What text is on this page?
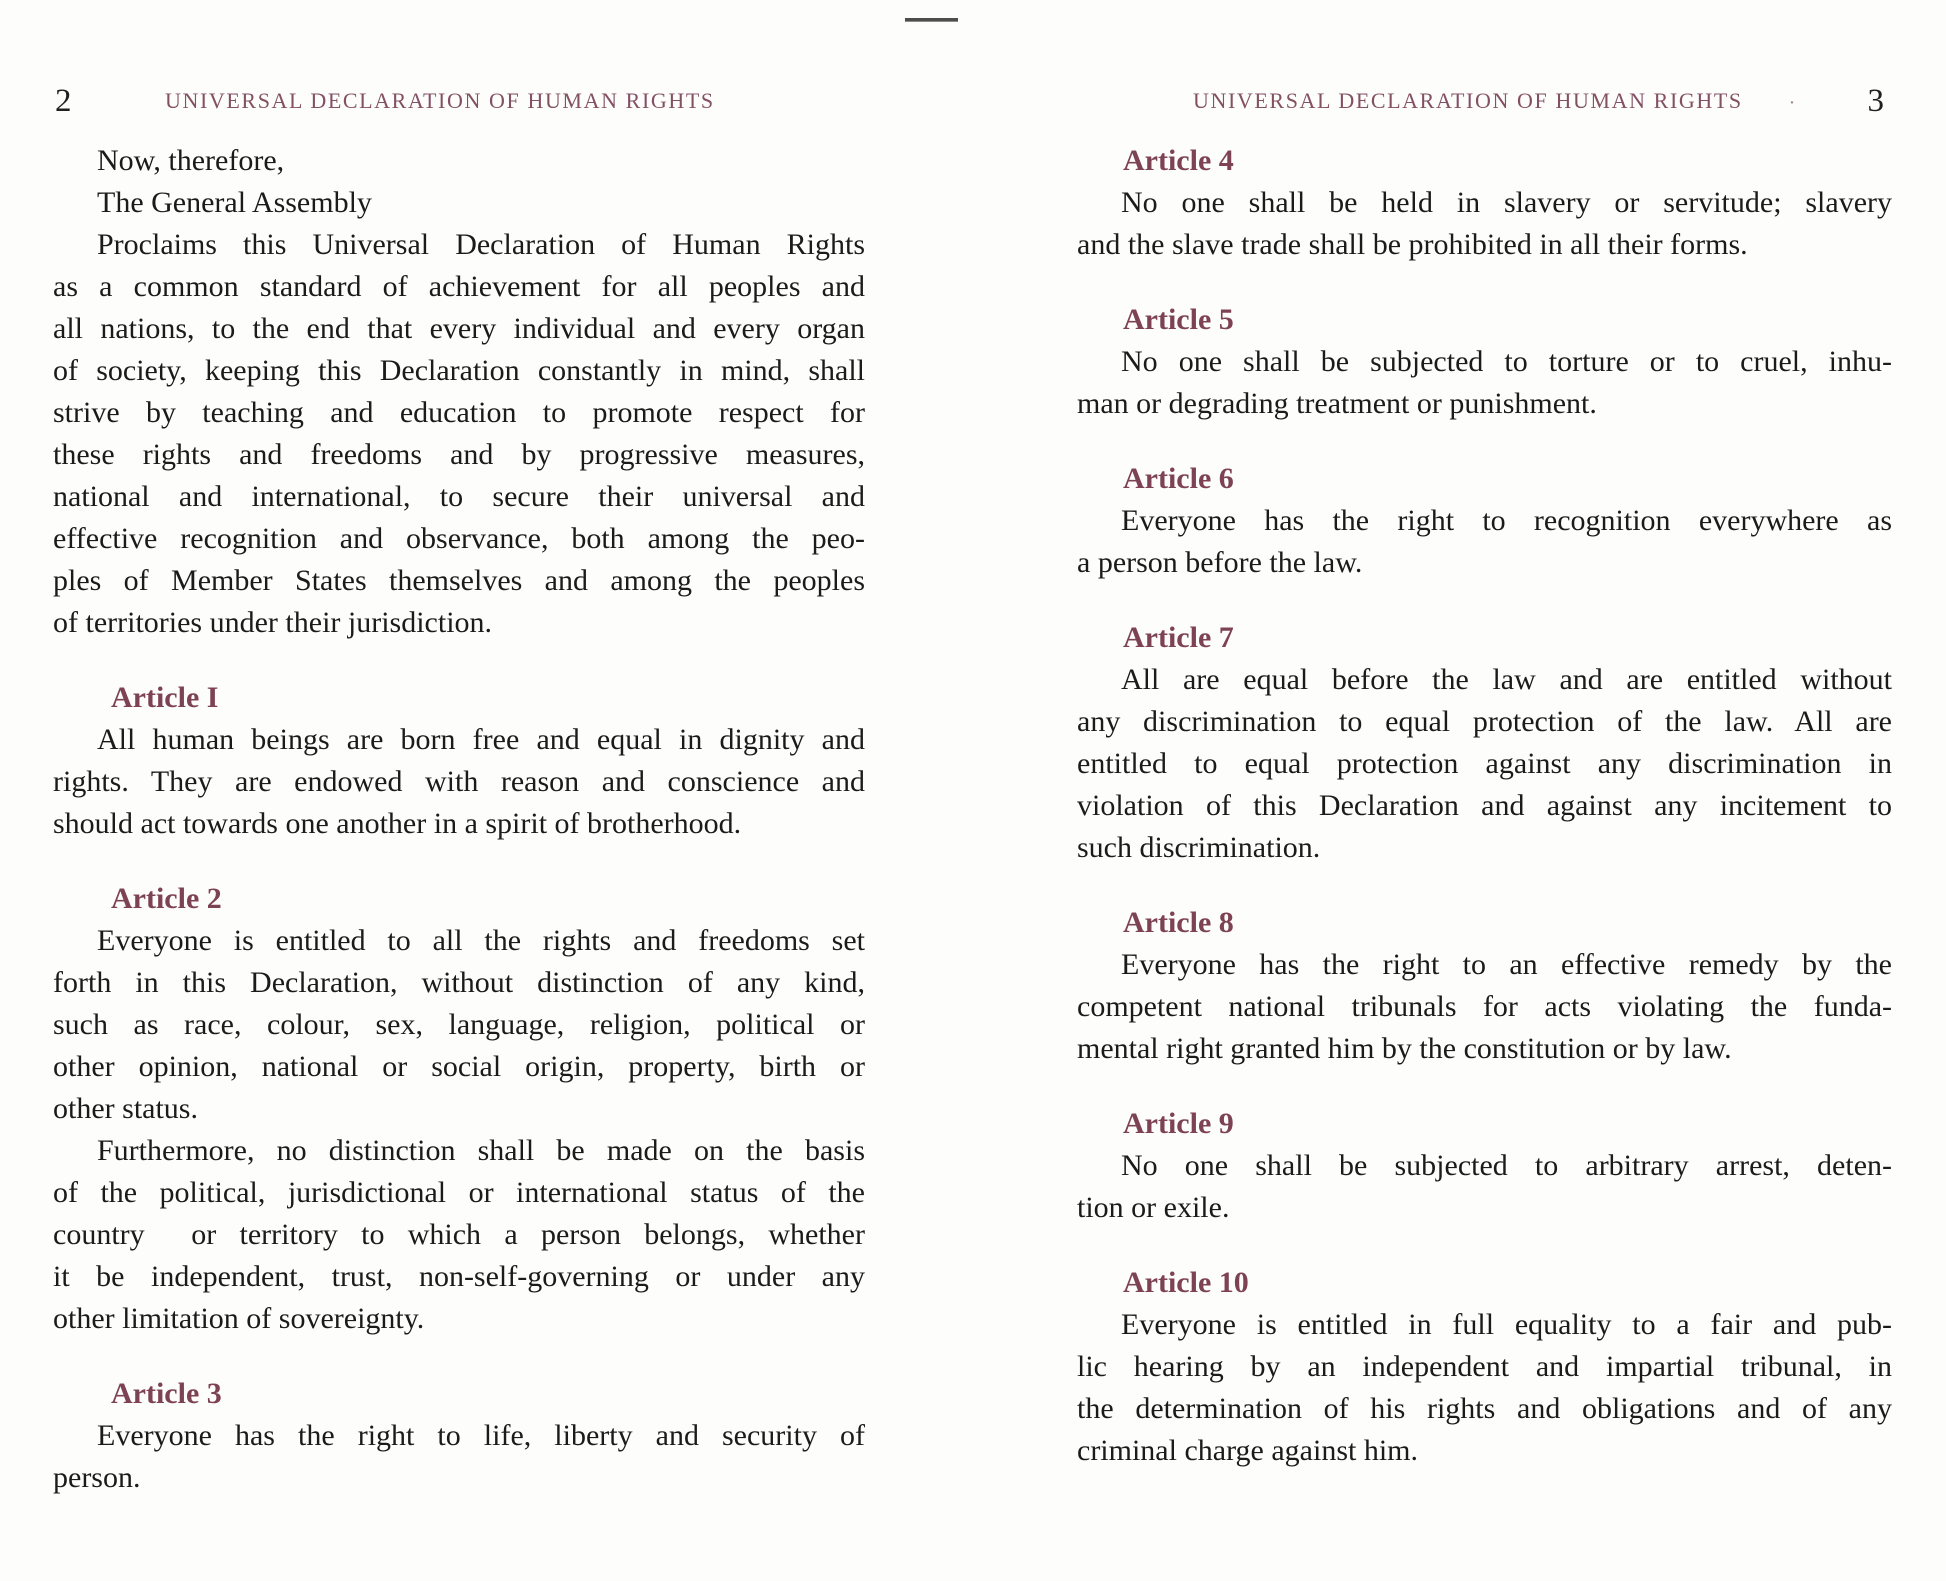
2	UNIVERSAL DECLARATION OF HUMAN RIGHTS
Now, therefore,
The General Assembly
Proclaims this Universal Declaration of Human Rights
as a common standard of achievement for all peoples and
all nations, to the end that every individual and every organ
of society, keeping this Declaration constantly in mind, shall
strive by teaching and education to promote respect for
these rights and freedoms and by progressive measures,
national and international, to secure their universal and
effective recognition and observance, both among the peo-
ples of Member States themselves and among the peoples
of territories under their jurisdiction.
Article I
All human beings are born free and equal in dignity and
rights. They are endowed with reason and conscience and
should act towards one another in a spirit of brotherhood.
Article 2
Everyone is entitled to all the rights and freedoms set
forth in this Declaration, without distinction of any kind,
such as race, colour, sex, language, religion, political or
other opinion, national or social origin, property, birth or
other status.
Furthermore, no distinction shall be made on the basis
of the political, jurisdictional or international status of the
country  or territory to which a person belongs, whether
it be independent, trust, non-self-governing or under any
other limitation of sovereignty.
Article 3
Everyone has the right to life, liberty and security of
person.
UNIVERSAL DECLARATION OF HUMAN RIGHTS · 3
Article 4
No one shall be held in slavery or servitude; slavery
and the slave trade shall be prohibited in all their forms.
Article 5
No one shall be subjected to torture or to cruel, inhu-
man or degrading treatment or punishment.
Article 6
Everyone has the right to recognition everywhere as
a person before the law.
Article 7
All are equal before the law and are entitled without
any discrimination to equal protection of the law. All are
entitled to equal protection against any discrimination in
violation of this Declaration and against any incitement to
such discrimination.
Article 8
Everyone has the right to an effective remedy by the
competent national tribunals for acts violating the funda-
mental right granted him by the constitution or by law.
Article 9
No one shall be subjected to arbitrary arrest, deten-
tion or exile.
Article 10
Everyone is entitled in full equality to a fair and pub-
lic hearing by an independent and impartial tribunal, in
the determination of his rights and obligations and of any
criminal charge against him.
